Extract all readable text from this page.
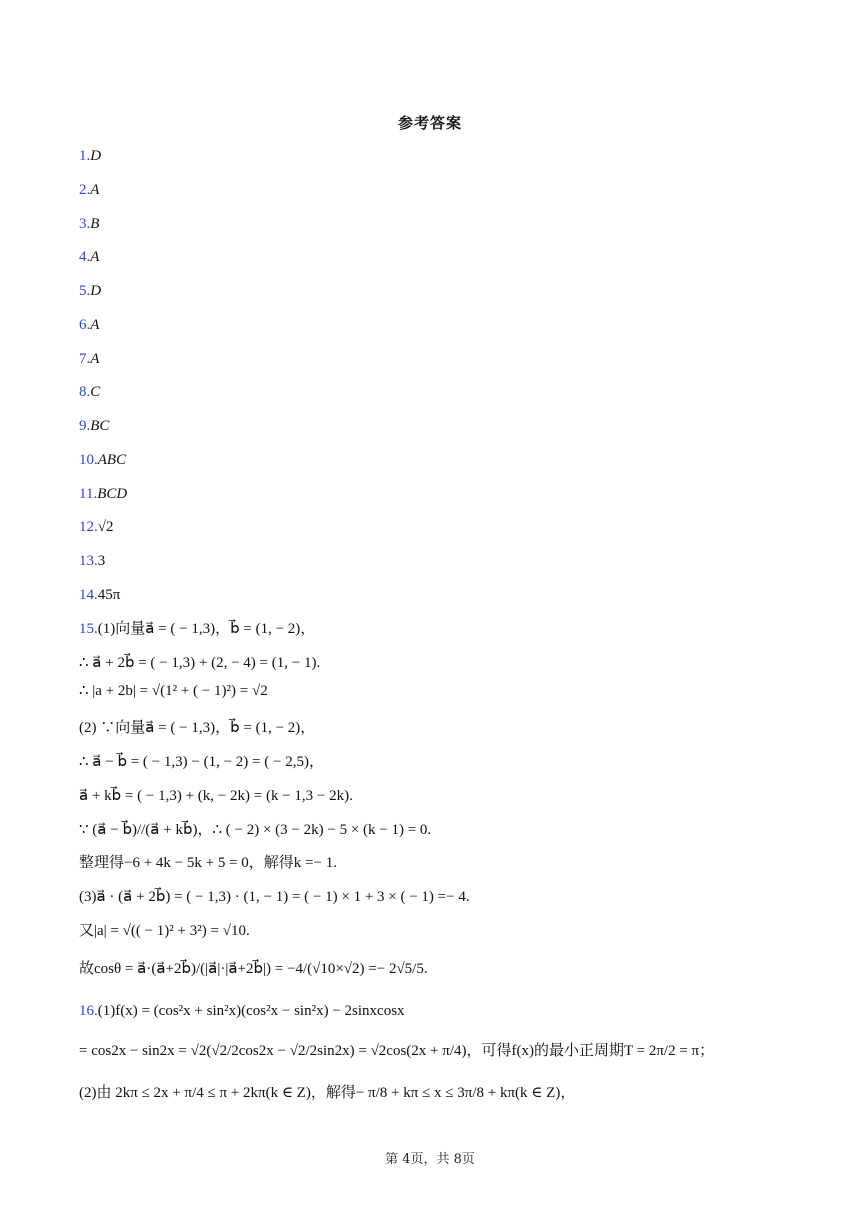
参考答案
1.D
2.A
3.B
4.A
5.D
6.A
7.A
8.C
9.BC
10.ABC
11.BCD
12.√2
13.3
14.45π
15.(1)向量a⃗ = ( − 1,3)，b⃗ = (1, − 2)，
∴ a⃗ + 2b⃗ = ( − 1,3) + (2, − 4) = (1, − 1).
∴ |a + 2b| = √(1² + ( − 1)²) = √2
(2) ∵向量a⃗ = ( − 1,3)，b⃗ = (1, − 2)，
∴ a⃗ − b⃗ = ( − 1,3) − (1, − 2) = ( − 2,5)，
a⃗ + kb⃗ = ( − 1,3) + (k, − 2k) = (k − 1,3 − 2k).
∵ (a⃗ − b⃗)//(a⃗ + kb⃗)，∴ ( − 2) × (3 − 2k) − 5 × (k − 1) = 0.
整理得−6 + 4k − 5k + 5 = 0，解得k =− 1.
(3)a⃗ · (a⃗ + 2b⃗) = ( − 1,3) · (1, − 1) = ( − 1) × 1 + 3 × ( − 1) =− 4.
又|a| = √(( − 1)² + 3²) = √10.
故cosθ = a⃗·(a⃗+2b⃗)/(|a⃗|·|a⃗+2b⃗|) = −4/(√10×√2) =− 2√5/5.
16.(1)f(x) = (cos²x + sin²x)(cos²x − sin²x) − 2sinxcosx
= cos2x − sin2x = √2(√2/2cos2x − √2/2sin2x) = √2cos(2x + π/4)，可得f(x)的最小正周期T = 2π/2 = π；
(2)由 2kπ ≤ 2x + π/4 ≤ π + 2kπ(k ∈ Z)，解得− π/8 + kπ ≤ x ≤ 3π/8 + kπ(k ∈ Z)，
第 4页，共 8页
